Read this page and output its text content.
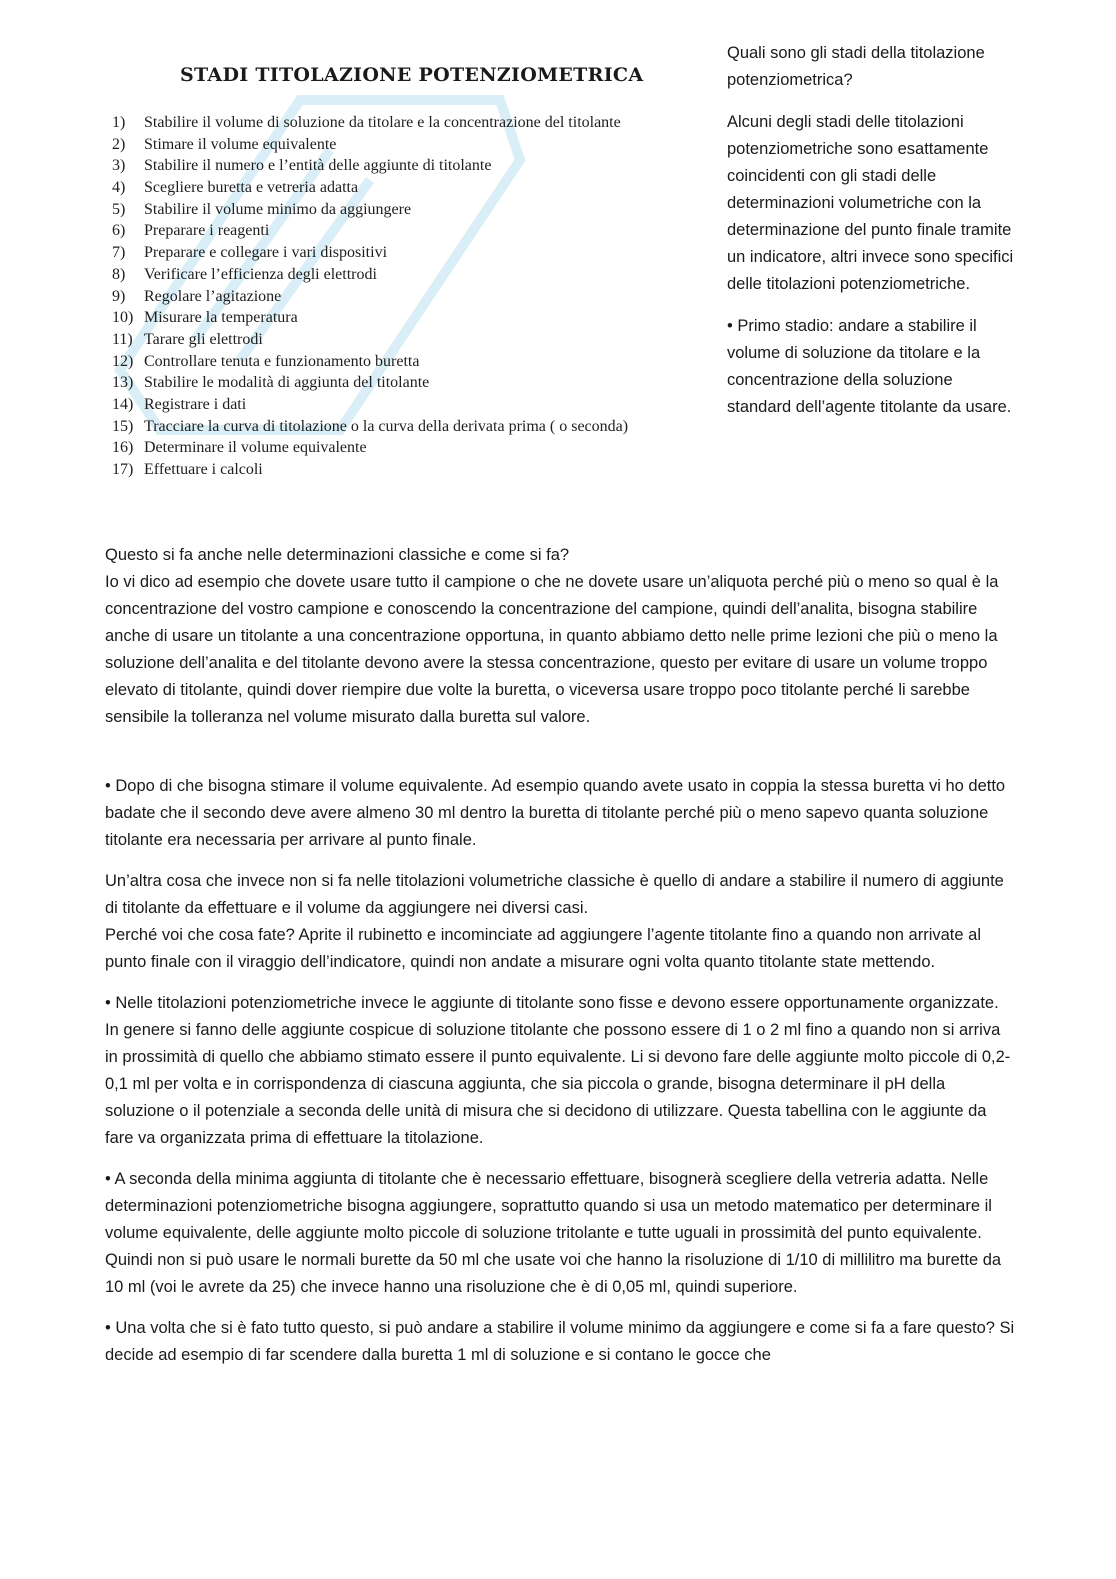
STADI TITOLAZIONE POTENZIOMETRICA
1) Stabilire il volume di soluzione da titolare e la concentrazione del titolante
2) Stimare il volume equivalente
3) Stabilire il numero e l’entità delle aggiunte di titolante
4) Scegliere buretta e vetreria adatta
5) Stabilire il volume minimo da aggiungere
6) Preparare i reagenti
7) Preparare e collegare i vari dispositivi
8) Verificare l’efficienza degli elettrodi
9) Regolare l’agitazione
10) Misurare la temperatura
11) Tarare gli elettrodi
12) Controllare tenuta e funzionamento buretta
13) Stabilire le modalità di aggiunta del titolante
14) Registrare i dati
15) Tracciare la curva di titolazione o la curva della derivata prima ( o seconda)
16) Determinare il volume equivalente
17) Effettuare i calcoli

Quali sono gli stadi della titolazione potenziometrica?

Alcuni degli stadi delle titolazioni potenziometriche sono esattamente coincidenti con gli stadi delle determinazioni volumetriche con la determinazione del punto finale tramite un indicatore, altri invece sono specifici delle titolazioni potenziometriche.

• Primo stadio: andare a stabilire il volume di soluzione da titolare e la concentrazione della soluzione standard dell’agente titolante da usare.

Questo si fa anche nelle determinazioni classiche e come si fa?
Io vi dico ad esempio che dovete usare tutto il campione o che ne dovete usare un’aliquota perché più o meno so qual è la concentrazione del vostro campione e conoscendo la concentrazione del campione, quindi dell’analita, bisogna stabilire anche di usare un titolante a una concentrazione opportuna, in quanto abbiamo detto nelle prime lezioni che più o meno la soluzione dell’analita e del titolante devono avere la stessa concentrazione, questo per evitare di usare un volume troppo elevato di titolante, quindi dover riempire due volte la buretta, o viceversa usare troppo poco titolante perché li sarebbe sensibile la tolleranza nel volume misurato dalla buretta sul valore.

• Dopo di che bisogna stimare il volume equivalente. Ad esempio quando avete usato in coppia la stessa buretta vi ho detto badate che il secondo deve avere almeno 30 ml dentro la buretta di titolante perché più o meno sapevo quanta soluzione titolante era necessaria per arrivare al punto finale.

Un’altra cosa che invece non si fa nelle titolazioni volumetriche classiche è quello di andare a stabilire il numero di aggiunte di titolante da effettuare e il volume da aggiungere nei diversi casi.
Perché voi che cosa fate? Aprite il rubinetto e incominciate ad aggiungere l’agente titolante fino a quando non arrivate al punto finale con il viraggio dell’indicatore, quindi non andate a misurare ogni volta quanto titolante state mettendo.

• Nelle titolazioni potenziometriche invece le aggiunte di titolante sono fisse e devono essere opportunamente organizzate. In genere si fanno delle aggiunte cospicue di soluzione titolante che possono essere di 1 o 2 ml fino a quando non si arriva in prossimità di quello che abbiamo stimato essere il punto equivalente. Li si devono fare delle aggiunte molto piccole di 0,2-0,1 ml per volta e in corrispondenza di ciascuna aggiunta, che sia piccola o grande, bisogna determinare il pH della soluzione o il potenziale a seconda delle unità di misura che si decidono di utilizzare. Questa tabellina con le aggiunte da fare va organizzata prima di effettuare la titolazione.

• A seconda della minima aggiunta di titolante che è necessario effettuare, bisognerà scegliere della vetreria adatta. Nelle determinazioni potenziometriche bisogna aggiungere, soprattutto quando si usa un metodo matematico per determinare il volume equivalente, delle aggiunte molto piccole di soluzione tritolante e tutte uguali in prossimità del punto equivalente. Quindi non si può usare le normali burette da 50 ml che usate voi che hanno la risoluzione di 1/10 di millilitro ma burette da 10 ml (voi le avrete da 25) che invece hanno una risoluzione che è di 0,05 ml, quindi superiore.

• Una volta che si è fato tutto questo, si può andare a stabilire il volume minimo da aggiungere e come si fa a fare questo? Si decide ad esempio di far scendere dalla buretta 1 ml di soluzione e si contano le gocce che
